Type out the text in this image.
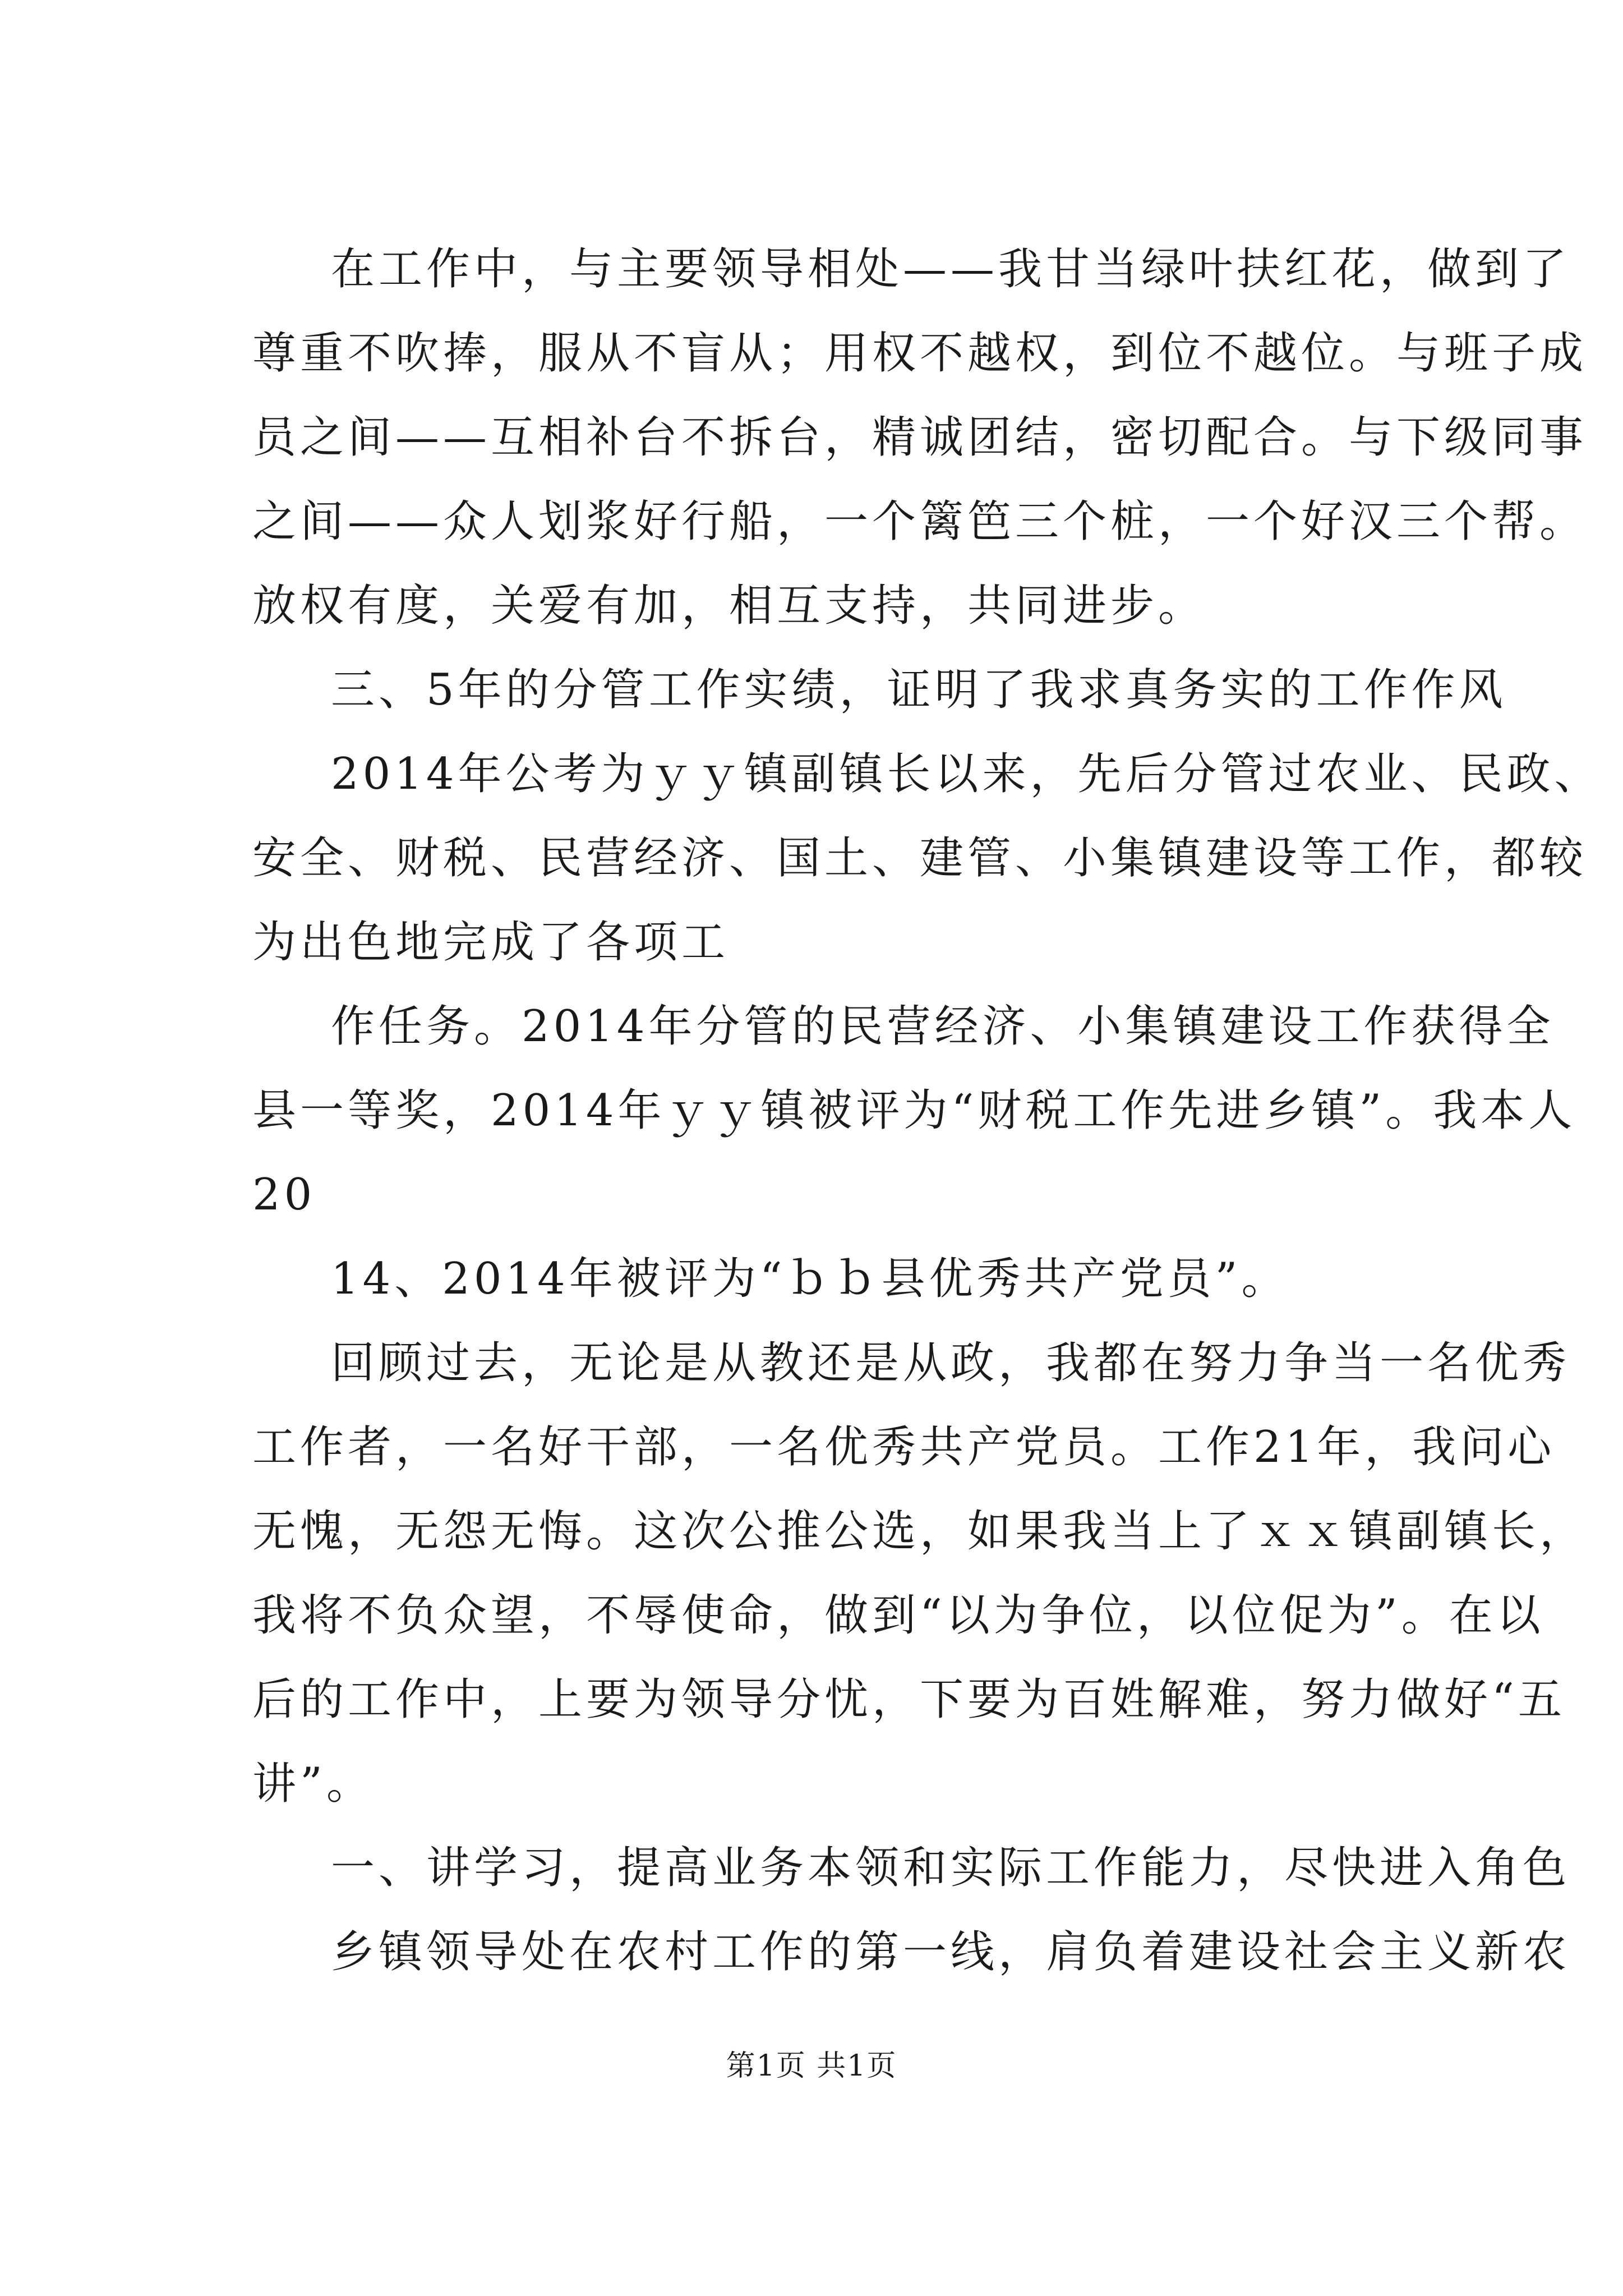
在工作中，与主要领导相处——我甘当绿叶扶红花，做到了
尊重不吹捧，服从不盲从；用权不越权，到位不越位。与班子成
员之间——互相补台不拆台，精诚团结，密切配合。与下级同事
之间——众人划浆好行船，一个篱笆三个桩，一个好汉三个帮。
放权有度，关爱有加，相互支持，共同进步。
三、5年的分管工作实绩，证明了我求真务实的工作作风
2014年公考为ｙｙ镇副镇长以来，先后分管过农业、民政、
安全、财税、民营经济、国土、建管、小集镇建设等工作，都较
为出色地完成了各项工
作任务。2014年分管的民营经济、小集镇建设工作获得全
县一等奖，2014年ｙｙ镇被评为“财税工作先进乡镇”。我本人
20
14、2014年被评为“ｂｂ县优秀共产党员”。
回顾过去，无论是从教还是从政，我都在努力争当一名优秀
工作者，一名好干部，一名优秀共产党员。工作21年，我问心
无愧，无怨无悔。这次公推公选，如果我当上了ｘｘ镇副镇长，
我将不负众望，不辱使命，做到“以为争位，以位促为”。在以
后的工作中，上要为领导分忧，下要为百姓解难，努力做好“五
讲”。
一、讲学习，提高业务本领和实际工作能力，尽快进入角色
乡镇领导处在农村工作的第一线，肩负着建设社会主义新农
第1页 共1页
